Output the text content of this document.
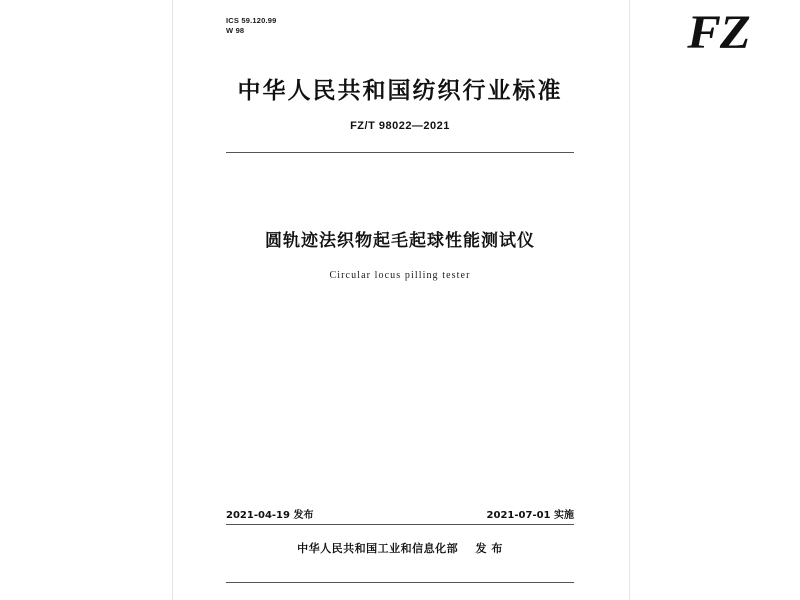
ICS 59.120.99
W 98	FZ
中华人民共和国纺织行业标准
FZ/T 98022—2021
圆轨迹法织物起毛起球性能测试仪
Circular locus pilling tester
2021-04-19 发布	2021-07-01 实施
中华人民共和国工业和信息化部    发 布
